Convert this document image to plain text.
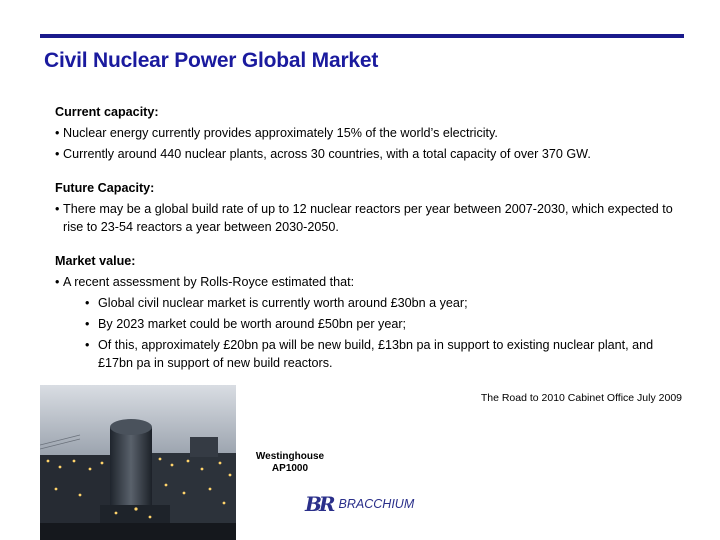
Civil Nuclear Power Global Market

Current capacity:

• Nuclear energy currently provides approximately 15% of the world’s electricity.
• Currently around 440 nuclear plants, across 30 countries, with a total capacity of over 370 GW.

Future Capacity:

• There may be a global build rate of up to 12 nuclear reactors per year between 2007-2030, which expected to rise to 23-54 reactors a year between 2030-2050.

Market value:

• A recent assessment by Rolls-Royce estimated that:
• Global civil nuclear market is currently worth around £30bn a year;
• By 2023 market could be worth around £50bn per year;
• Of this, approximately £20bn pa will be new build, £13bn pa in support to existing nuclear plant, and £17bn pa in support of new build reactors.
The Road to 2010 Cabinet Office July 2009
Westinghouse
AP1000
BR BRACCHIUM
